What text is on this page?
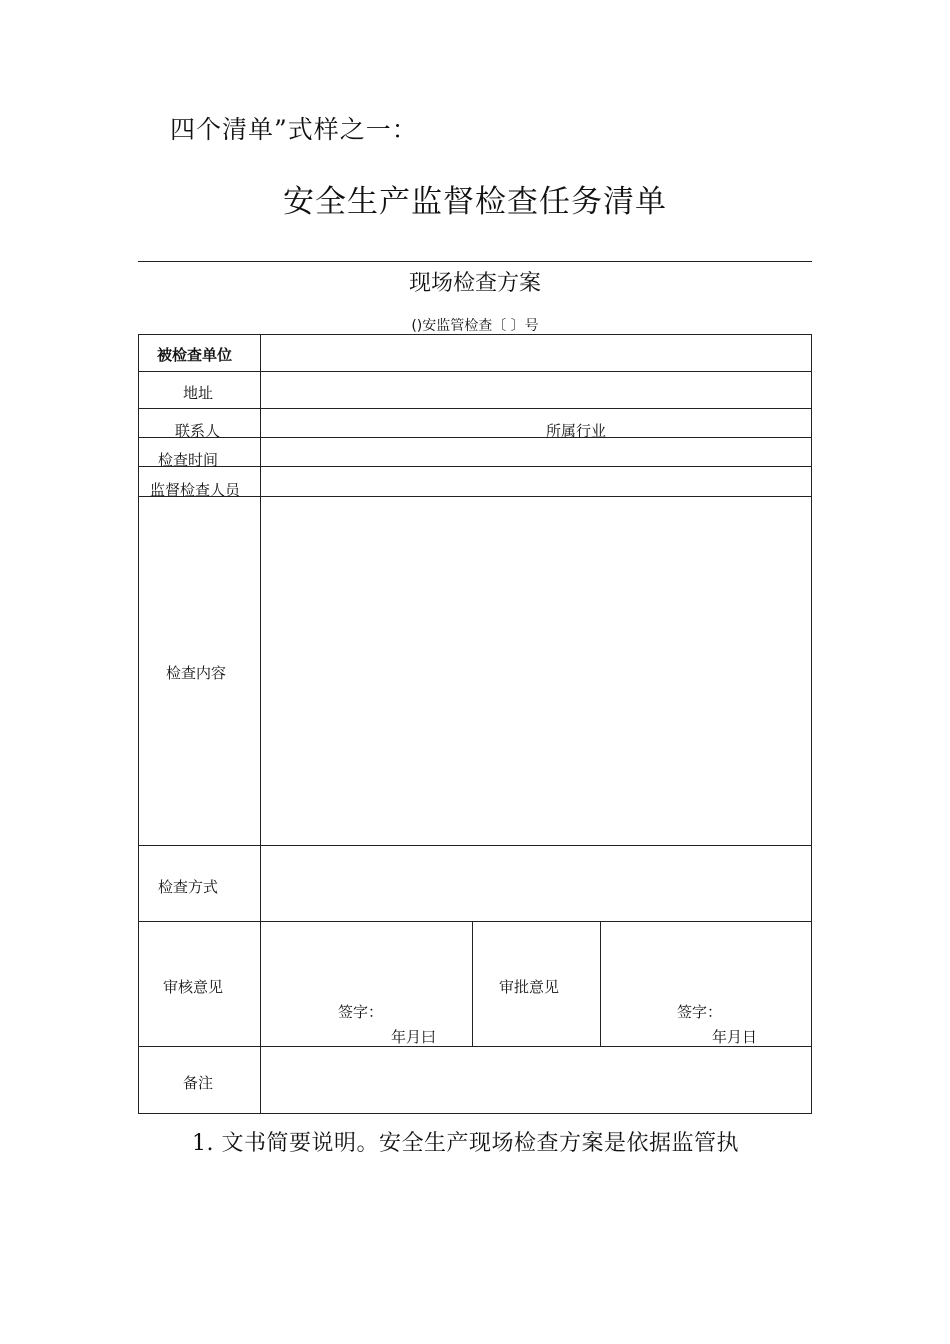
四个清单”式样之一：
安全生产监督检查任务清单
现场检查方案
()安监管检查〔 〕号
被检查单位
地址
联系人	所属行业
检查时间
监督检查人员
检查内容
检查方式
审核意见
签字：
年月曰
审批意见
签字：
年月日
备注
1. 文书简要说明。安全生产现场检查方案是依据监管执
